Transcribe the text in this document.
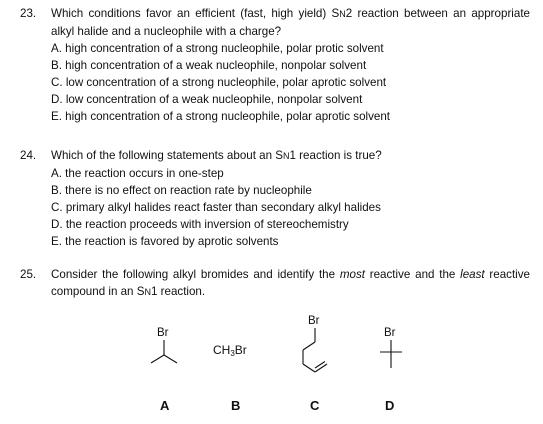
23. Which conditions favor an efficient (fast, high yield) SN2 reaction between an appropriate alkyl halide and a nucleophile with a charge?
A. high concentration of a strong nucleophile, polar protic solvent
B. high concentration of a weak nucleophile, nonpolar solvent
C. low concentration of a strong nucleophile, polar aprotic solvent
D. low concentration of a weak nucleophile, nonpolar solvent
E. high concentration of a strong nucleophile, polar aprotic solvent
24. Which of the following statements about an SN1 reaction is true?
A. the reaction occurs in one-step
B. there is no effect on reaction rate by nucleophile
C. primary alkyl halides react faster than secondary alkyl halides
D. the reaction proceeds with inversion of stereochemistry
E. the reaction is favored by aprotic solvents
25. Consider the following alkyl bromides and identify the most reactive and the least reactive compound in an SN1 reaction.
Br
CH3Br
Br
Br
A	B	C	D
